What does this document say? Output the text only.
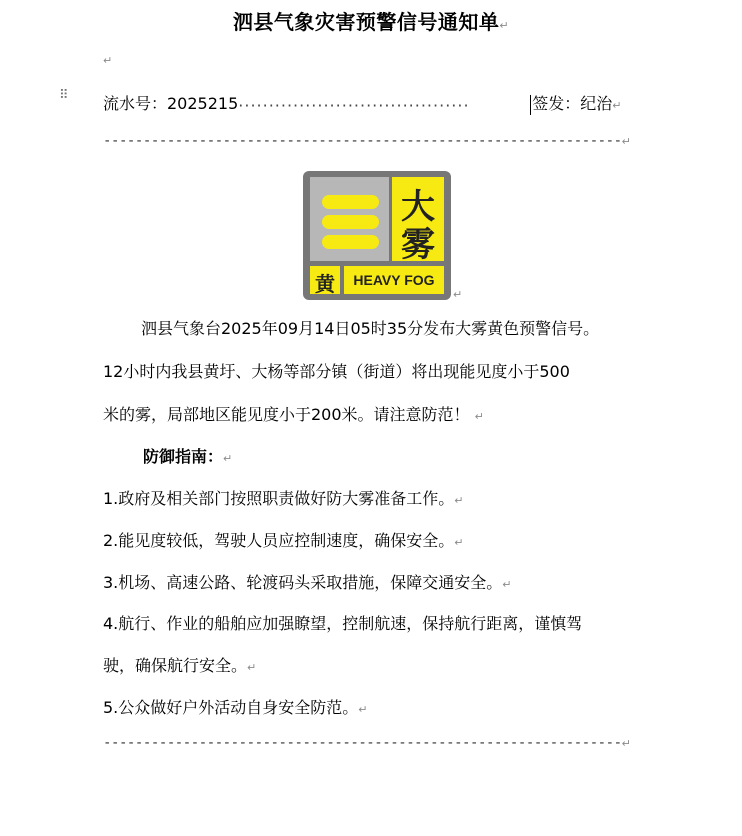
泗县气象灾害预警信号通知单↵
↵
⠿ 流水号：2025215······································	签发：纪治↵
-----------------------------------------------------------------↵
大
雾
黄	HEAVY FOG
↵
泗县气象台2025年09月14日05时35分发布大雾黄色预警信号。
12小时内我县黄圩、大杨等部分镇（街道）将出现能见度小于500
米的雾，局部地区能见度小于200米。请注意防范！ ↵
防御指南：↵
1.政府及相关部门按照职责做好防大雾准备工作。↵
2.能见度较低，驾驶人员应控制速度，确保安全。↵
3.机场、高速公路、轮渡码头采取措施，保障交通安全。↵
4.航行、作业的船舶应加强瞭望，控制航速，保持航行距离，谨慎驾
驶，确保航行安全。↵
5.公众做好户外活动自身安全防范。↵
-----------------------------------------------------------------↵
